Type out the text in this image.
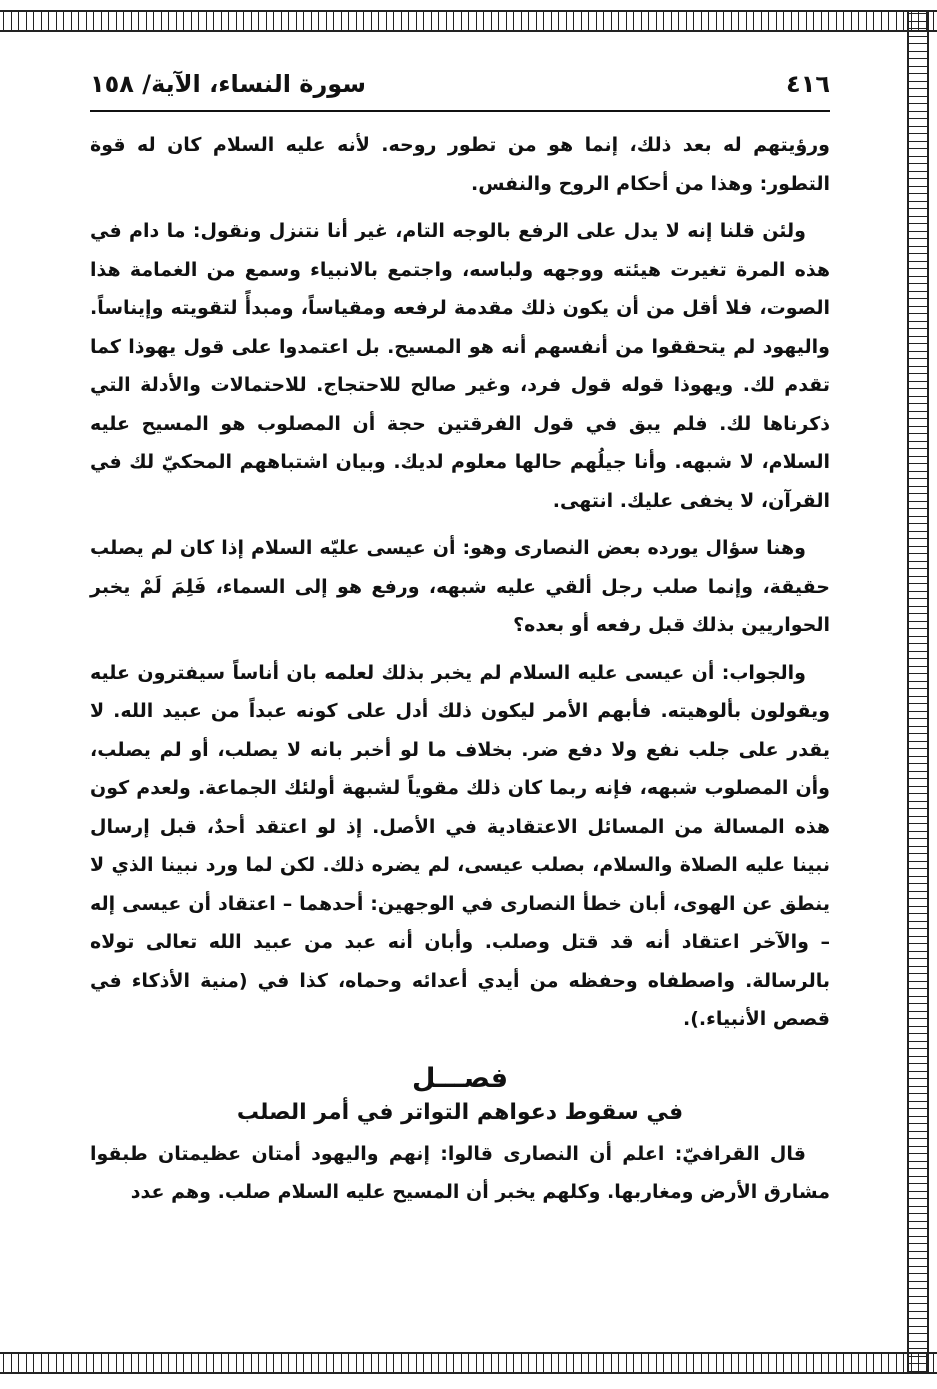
٤١٦
سورة النساء، الآية/ ١٥٨

ورؤيتهم له بعد ذلك، إنما هو من تطور روحه. لأنه عليه السلام كان له قوة التطور: وهذا من أحكام الروح والنفس.

ولئن قلنا إنه لا يدل على الرفع بالوجه التام، غير أنا نتنزل ونقول: ما دام في هذه المرة تغيرت هيئته ووجهه ولباسه، واجتمع بالانبياء وسمع من الغمامة هذا الصوت، فلا أقل من أن يكون ذلك مقدمة لرفعه ومقياساً، ومبدأً لتقويته وإيناساً. واليهود لم يتحققوا من أنفسهم أنه هو المسيح. بل اعتمدوا على قول يهوذا كما تقدم لك. ويهوذا قوله قول فرد، وغير صالح للاحتجاج. للاحتمالات والأدلة التي ذكرناها لك. فلم يبق في قول الفرقتين حجة أن المصلوب هو المسيح عليه السلام، لا شبهه. وأنا جيلُهم حالها معلوم لديك. وبيان اشتباههم المحكيّ لك في القرآن، لا يخفى عليك. انتهى.

وهنا سؤال يورده بعض النصارى وهو: أن عيسى عليّه السلام إذا كان لم يصلب حقيقة، وإنما صلب رجل ألقي عليه شبهه، ورفع هو إلى السماء، فَلِمَ لَمْ يخبر الحواريين بذلك قبل رفعه أو بعده؟

والجواب: أن عيسى عليه السلام لم يخبر بذلك لعلمه بان أناساً سيفترون عليه ويقولون بألوهيته. فأبهم الأمر ليكون ذلك أدل على كونه عبداً من عبيد الله. لا يقدر على جلب نفع ولا دفع ضر. بخلاف ما لو أخبر بانه لا يصلب، أو لم يصلب، وأن المصلوب شبهه، فإنه ربما كان ذلك مقوياً لشبهة أولئك الجماعة. ولعدم كون هذه المسالة من المسائل الاعتقادية في الأصل. إذ لو اعتقد أحدٌ، قبل إرسال نبينا عليه الصلاة والسلام، بصلب عيسى، لم يضره ذلك. لكن لما ورد نبينا الذي لا ينطق عن الهوى، أبان خطأ النصارى في الوجهين: أحدهما – اعتقاد أن عيسى إله – والآخر اعتقاد أنه قد قتل وصلب. وأبان أنه عبد من عبيد الله تعالى تولاه بالرسالة. واصطفاه وحفظه من أيدي أعدائه وحماه، كذا في (منية الأذكاء في قصص الأنبياء.).

فصـــل
في سقوط دعواهم التواتر في أمر الصلب

قال القرافيّ: اعلم أن النصارى قالوا: إنهم واليهود أمتان عظيمتان طبقوا مشارق الأرض ومغاربها. وكلهم يخبر أن المسيح عليه السلام صلب. وهم عدد
